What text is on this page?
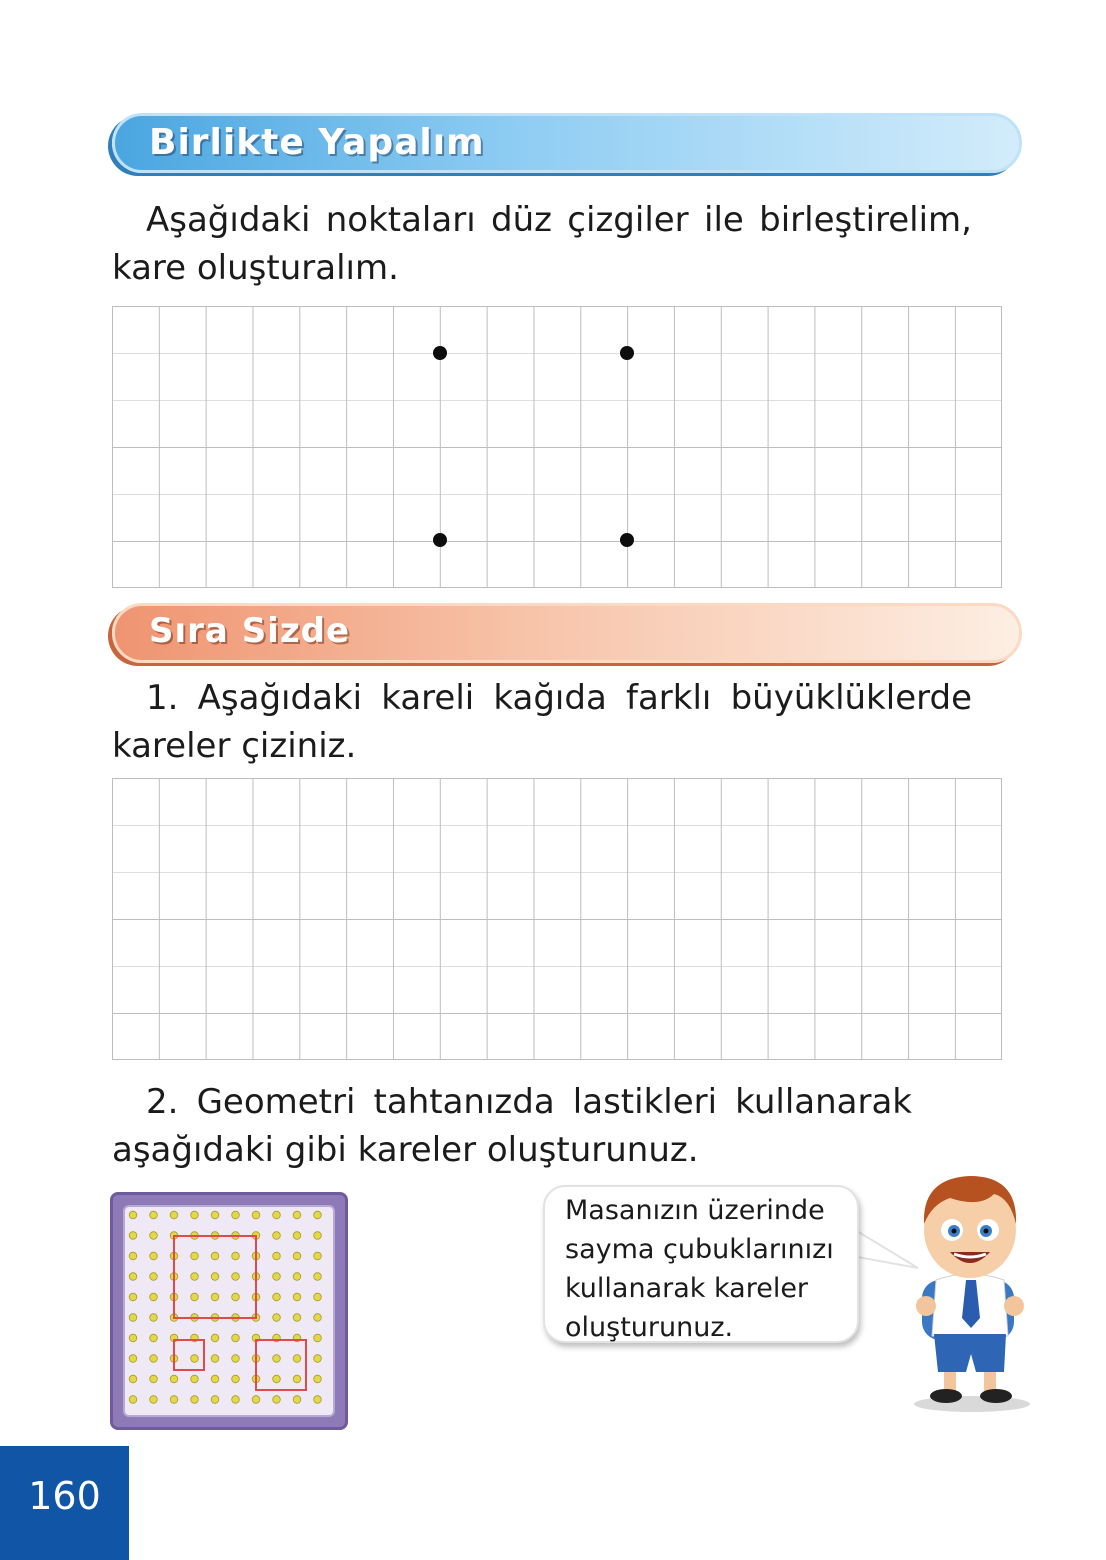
Birlikte Yapalım

Aşağıdaki noktaları düz çizgiler ile birleştirelim, kare oluşturalım.

Sıra Sizde

1. Aşağıdaki kareli kağıda farklı büyüklüklerde kareler çiziniz.

2. Geometri tahtanızda lastikleri kullanarak aşağıdaki gibi kareler oluşturunuz.

Masanızın üzerinde sayma çubuklarınızı kullanarak kareler oluşturunuz.

160
